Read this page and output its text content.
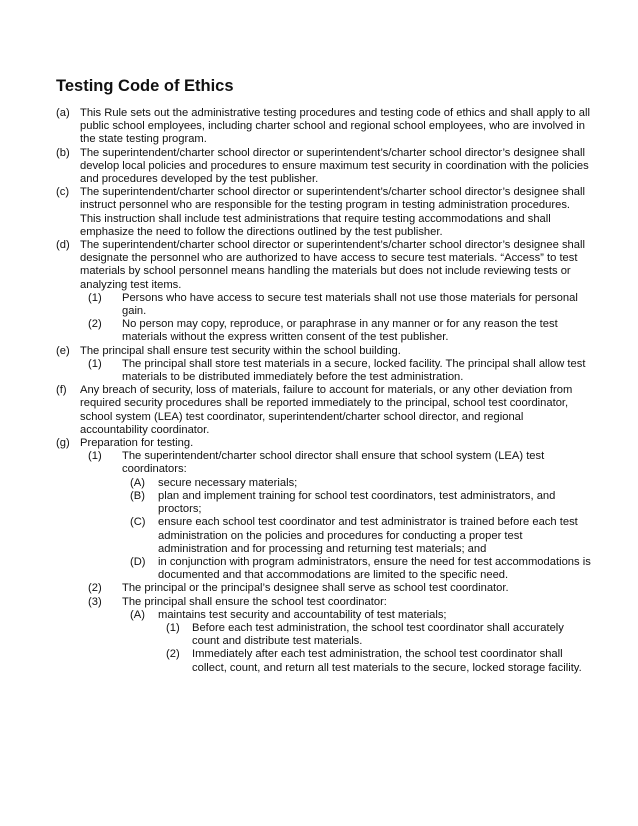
Testing Code of Ethics
(a) This Rule sets out the administrative testing procedures and testing code of ethics and shall apply to all public school employees, including charter school and regional school employees, who are involved in the state testing program.
(b) The superintendent/charter school director or superintendent’s/charter school director’s designee shall develop local policies and procedures to ensure maximum test security in coordination with the policies and procedures developed by the test publisher.
(c) The superintendent/charter school director or superintendent’s/charter school director’s designee shall instruct personnel who are responsible for the testing program in testing administration procedures. This instruction shall include test administrations that require testing accommodations and shall emphasize the need to follow the directions outlined by the test publisher.
(d) The superintendent/charter school director or superintendent’s/charter school director’s designee shall designate the personnel who are authorized to have access to secure test materials. “Access” to test materials by school personnel means handling the materials but does not include reviewing tests or analyzing test items.
(1)	Persons who have access to secure test materials shall not use those materials for personal gain.
(2)	No person may copy, reproduce, or paraphrase in any manner or for any reason the test materials without the express written consent of the test publisher.
(e) The principal shall ensure test security within the school building.
(1)	The principal shall store test materials in a secure, locked facility. The principal shall allow test materials to be distributed immediately before the test administration.
(f)	Any breach of security, loss of materials, failure to account for materials, or any other deviation from required security procedures shall be reported immediately to the principal, school test coordinator, school system (LEA) test coordinator, superintendent/charter school director, and regional accountability coordinator.
(g) Preparation for testing.
(1)	The superintendent/charter school director shall ensure that school system (LEA) test coordinators:
(A)	secure necessary materials;
(B)	plan and implement training for school test coordinators, test administrators, and proctors;
(C)	ensure each school test coordinator and test administrator is trained before each test administration on the policies and procedures for conducting a proper test administration and for processing and returning test materials; and
(D)	in conjunction with program administrators, ensure the need for test accommodations is documented and that accommodations are limited to the specific need.
(2)	The principal or the principal’s designee shall serve as school test coordinator.
(3)	The principal shall ensure the school test coordinator:
(A)	maintains test security and accountability of test materials;
(1)	Before each test administration, the school test coordinator shall accurately count and distribute test materials.
(2)	Immediately after each test administration, the school test coordinator shall collect, count, and return all test materials to the secure, locked storage facility.
